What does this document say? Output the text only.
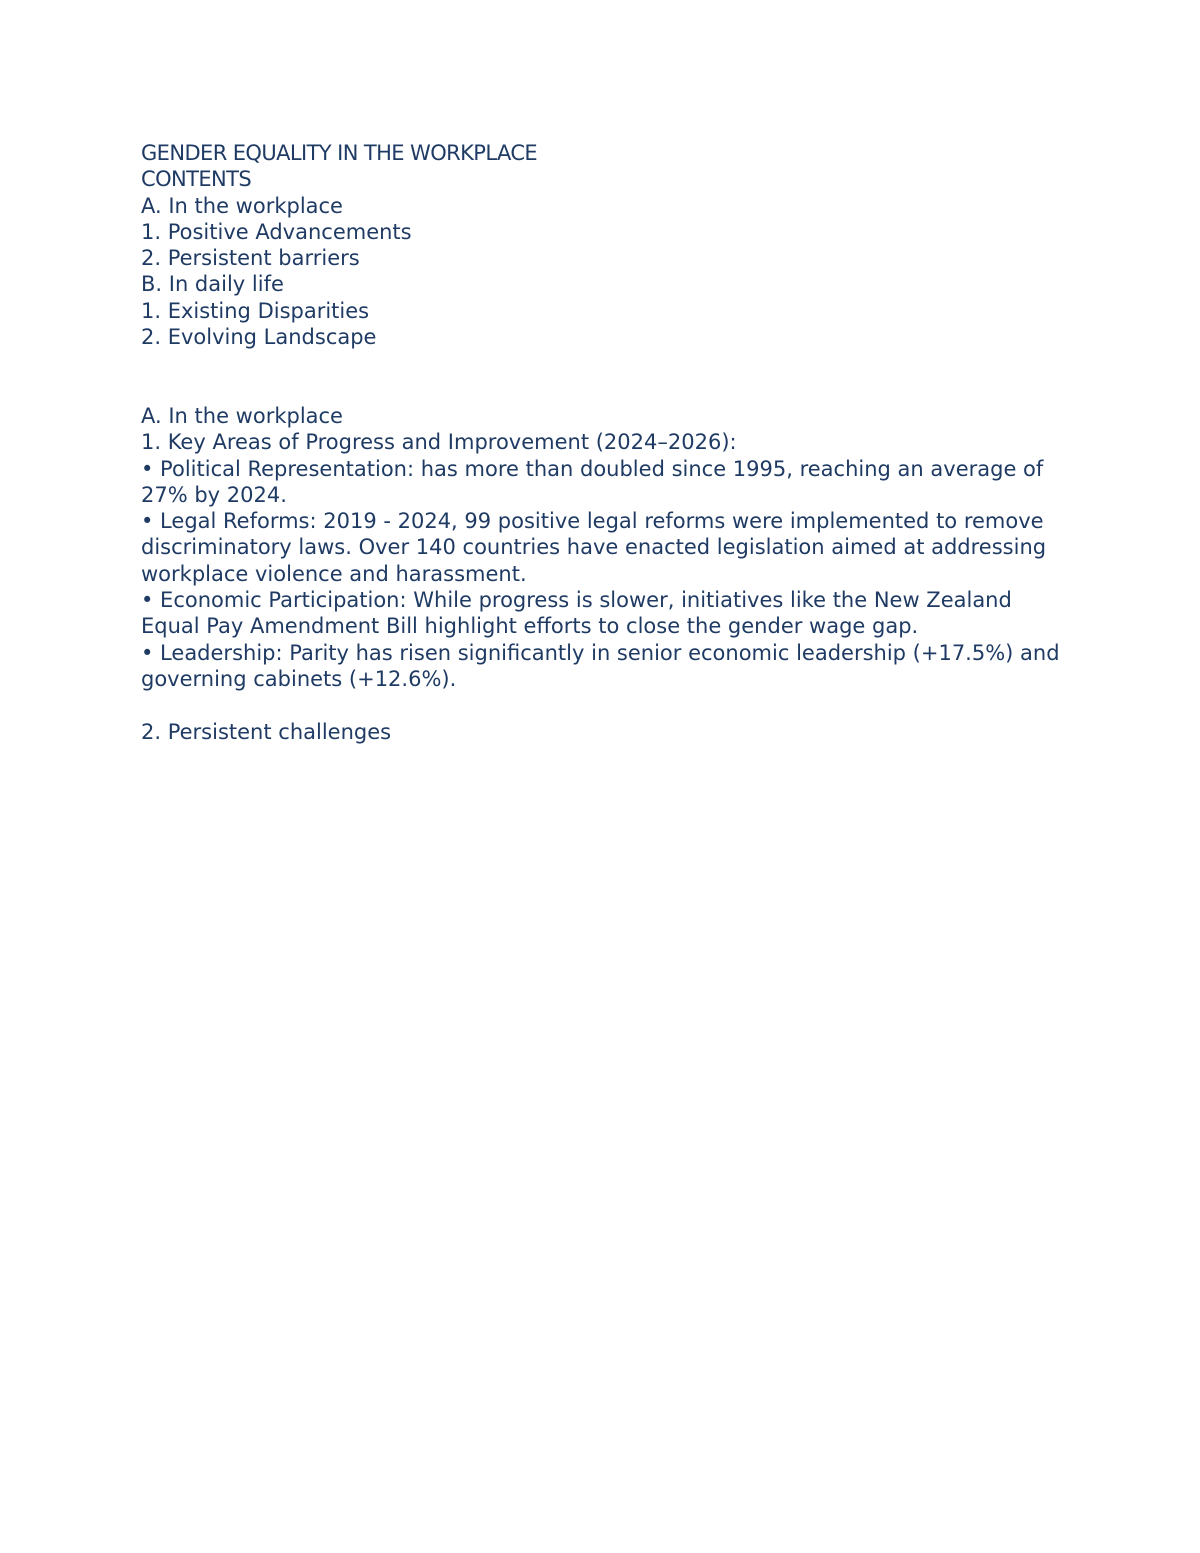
GENDER EQUALITY IN THE WORKPLACE
CONTENTS
A. In the workplace
1. Positive Advancements
2. Persistent barriers
B. In daily life
1. Existing Disparities
2. Evolving Landscape
A. In the workplace
1. Key Areas of Progress and Improvement (2024–2026):
• Political Representation: has more than doubled since 1995, reaching an average of 27% by 2024.
• Legal Reforms: 2019 - 2024, 99 positive legal reforms were implemented to remove discriminatory laws. Over 140 countries have enacted legislation aimed at addressing workplace violence and harassment.
• Economic Participation: While progress is slower, initiatives like the New Zealand Equal Pay Amendment Bill highlight efforts to close the gender wage gap.
• Leadership: Parity has risen significantly in senior economic leadership (+17.5%) and governing cabinets (+12.6%).
2. Persistent challenges
